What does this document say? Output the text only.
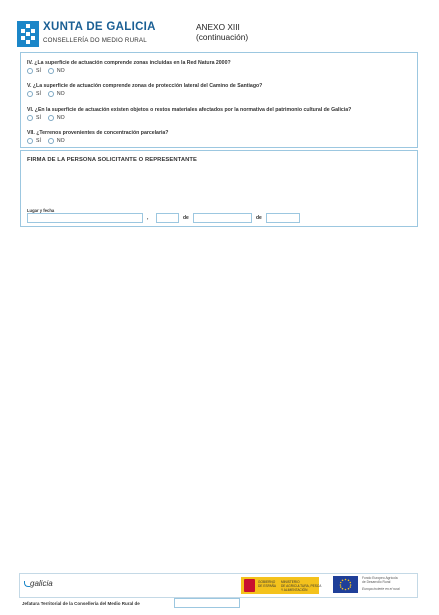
XUNTA DE GALICIA
CONSELLERÍA DO MEDIO RURAL
ANEXO XIII
(continuación)
IV. ¿La superficie de actuación comprende zonas incluidas en la Red Natura 2000?
SÍ	NO
V. ¿La superficie de actuación comprende zonas de protección lateral del Camino de Santiago?
SÍ	NO
VI. ¿En la superficie de actuación existen objetos o restos materiales afectados por la normativa del patrimonio cultural de Galicia?
SÍ	NO
VII. ¿Terrenos provenientes de concentración parcelaria?
SÍ	NO
FIRMA DE LA PERSONA SOLICITANTE O REPRESENTANTE
Lugar y fecha
,	de	de
galicia	GOBIERNO
DE ESPAÑA
MINISTERIO
DE AGRICULTURA, PESCA
Y ALIMENTACIÓN
Fondo Europeo Agrícola
de Desarrollo Rural
Europa invierte en el rural
Jefatura Territorial de la Consellería del Medio Rural de
